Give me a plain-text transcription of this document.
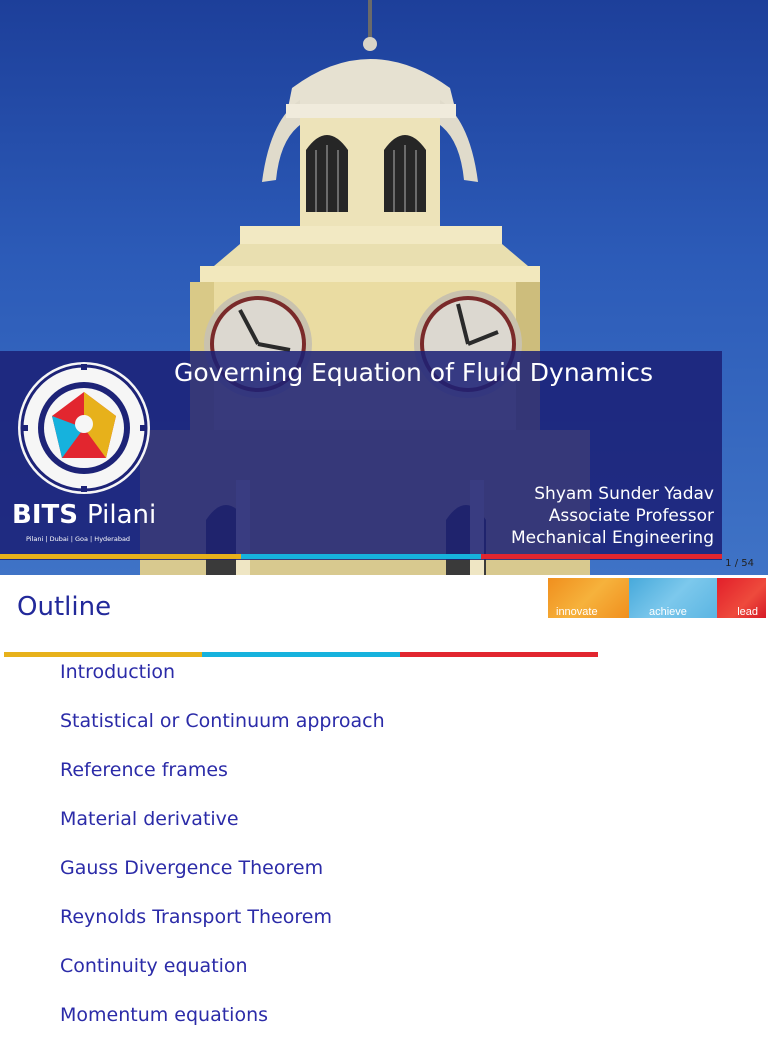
BITS Pilani
Pilani | Dubai | Goa | Hyderabad
Governing Equation of Fluid Dynamics
Shyam Sunder Yadav
Associate Professor
Mechanical Engineering
1 / 54
Outline	innovate	achieve	lead
Introduction
Statistical or Continuum approach
Reference frames
Material derivative
Gauss Divergence Theorem
Reynolds Transport Theorem
Continuity equation
Momentum equations
